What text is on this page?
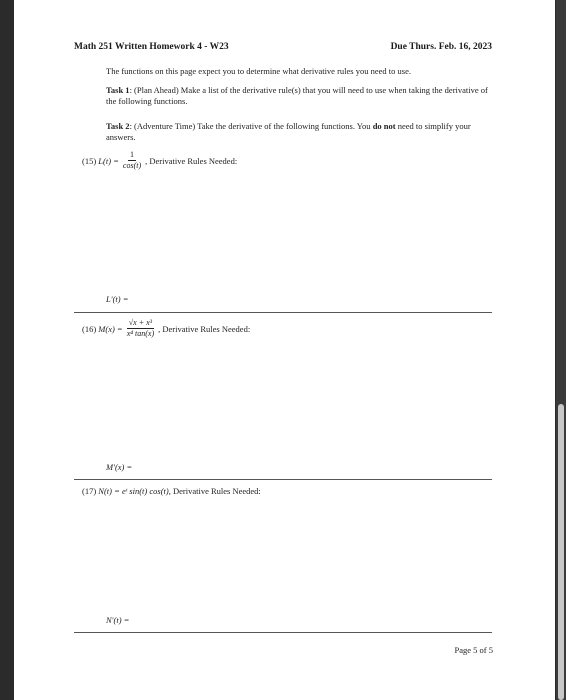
Math 251 Written Homework 4 - W23	Due Thurs. Feb. 16, 2023
The functions on this page expect you to determine what derivative rules you need to use.
Task 1: (Plan Ahead) Make a list of the derivative rule(s) that you will need to use when taking the derivative of the following functions.
Task 2: (Adventure Time) Take the derivative of the following functions. You do not need to simplify your answers.
(15)
$L(t) = \frac{1}{\cos(t)}$ , Derivative Rules Needed:
L′(t) =
(16)
$M(x) = \frac{\text{√x + x³}}{\text{x⁴ tan(x)}}$ , Derivative Rules Needed:
M′(x) =
(17)
N(t) = eᵗ sin(t) cos(t) , Derivative Rules Needed:
N′(t) =
Page 5 of 5
